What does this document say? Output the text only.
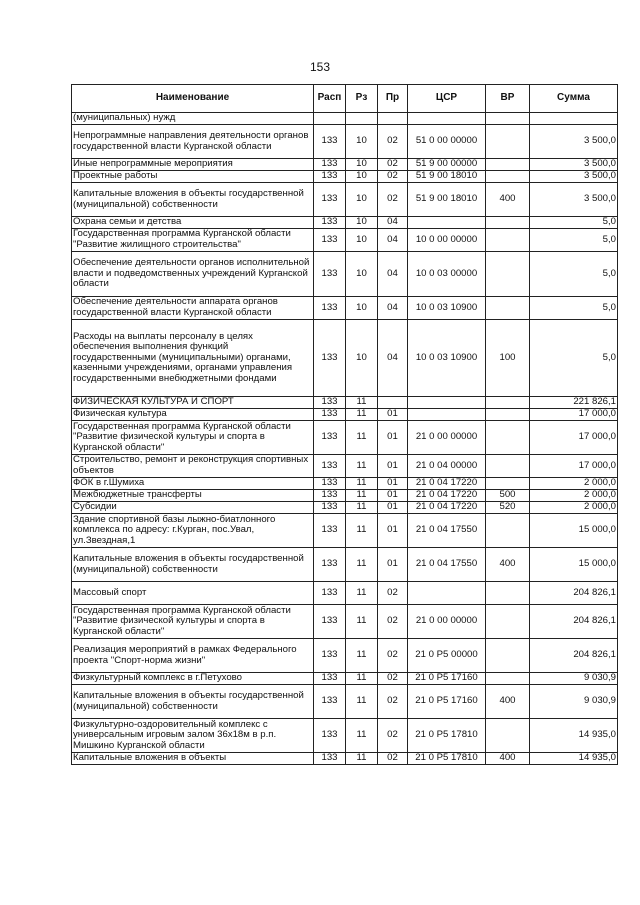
153
Наименование	Расп	Рз	Пр	ЦСР	ВР	Сумма
(муниципальных) нужд						
Непрограммные направления деятельности органов государственной власти Курганской области	133	10	02	51 0 00 00000		3 500,0
Иные непрограммные мероприятия	133	10	02	51 9 00 00000		3 500,0
Проектные работы	133	10	02	51 9 00 18010		3 500,0
Капитальные вложения в объекты государственной (муниципальной) собственности	133	10	02	51 9 00 18010	400	3 500,0
Охрана семьи и детства	133	10	04			5,0
Государственная программа Курганской области "Развитие жилищного строительства"	133	10	04	10 0 00 00000		5,0
Обеспечение деятельности органов исполнительной власти и подведомственных учреждений Курганской области	133	10	04	10 0 03 00000		5,0
Обеспечение деятельности аппарата органов государственной власти Курганской области	133	10	04	10 0 03 10900		5,0
Расходы на выплаты персоналу в целях обеспечения выполнения функций государственными (муниципальными) органами, казенными учреждениями, органами управления государственными внебюджетными фондами	133	10	04	10 0 03 10900	100	5,0
ФИЗИЧЕСКАЯ КУЛЬТУРА И СПОРТ	133	11				221 826,1
Физическая культура	133	11	01			17 000,0
Государственная программа Курганской области "Развитие физической культуры и спорта в Курганской области"	133	11	01	21 0 00 00000		17 000,0
Строительство, ремонт и реконструкция спортивных объектов	133	11	01	21 0 04 00000		17 000,0
ФОК в г.Шумиха	133	11	01	21 0 04 17220		2 000,0
Межбюджетные трансферты	133	11	01	21 0 04 17220	500	2 000,0
Субсидии	133	11	01	21 0 04 17220	520	2 000,0
Здание спортивной базы лыжно-биатлонного комплекса по адресу: г.Курган, пос.Увал, ул.Звездная,1	133	11	01	21 0 04 17550		15 000,0
Капитальные вложения в объекты государственной (муниципальной) собственности	133	11	01	21 0 04 17550	400	15 000,0
Массовый спорт	133	11	02			204 826,1
Государственная программа Курганской области "Развитие физической культуры и спорта в Курганской области"	133	11	02	21 0 00 00000		204 826,1
Реализация мероприятий в рамках Федерального проекта "Спорт-норма жизни"	133	11	02	21 0 P5 00000		204 826,1
Физкультурный комплекс в г.Петухово	133	11	02	21 0 P5 17160		9 030,9
Капитальные вложения в объекты государственной (муниципальной) собственности	133	11	02	21 0 P5 17160	400	9 030,9
Физкультурно-оздоровительный комплекс с универсальным игровым залом 36х18м в р.п. Мишкино Курганской области	133	11	02	21 0 P5 17810		14 935,0
Капитальные вложения в объекты	133	11	02	21 0 P5 17810	400	14 935,0
